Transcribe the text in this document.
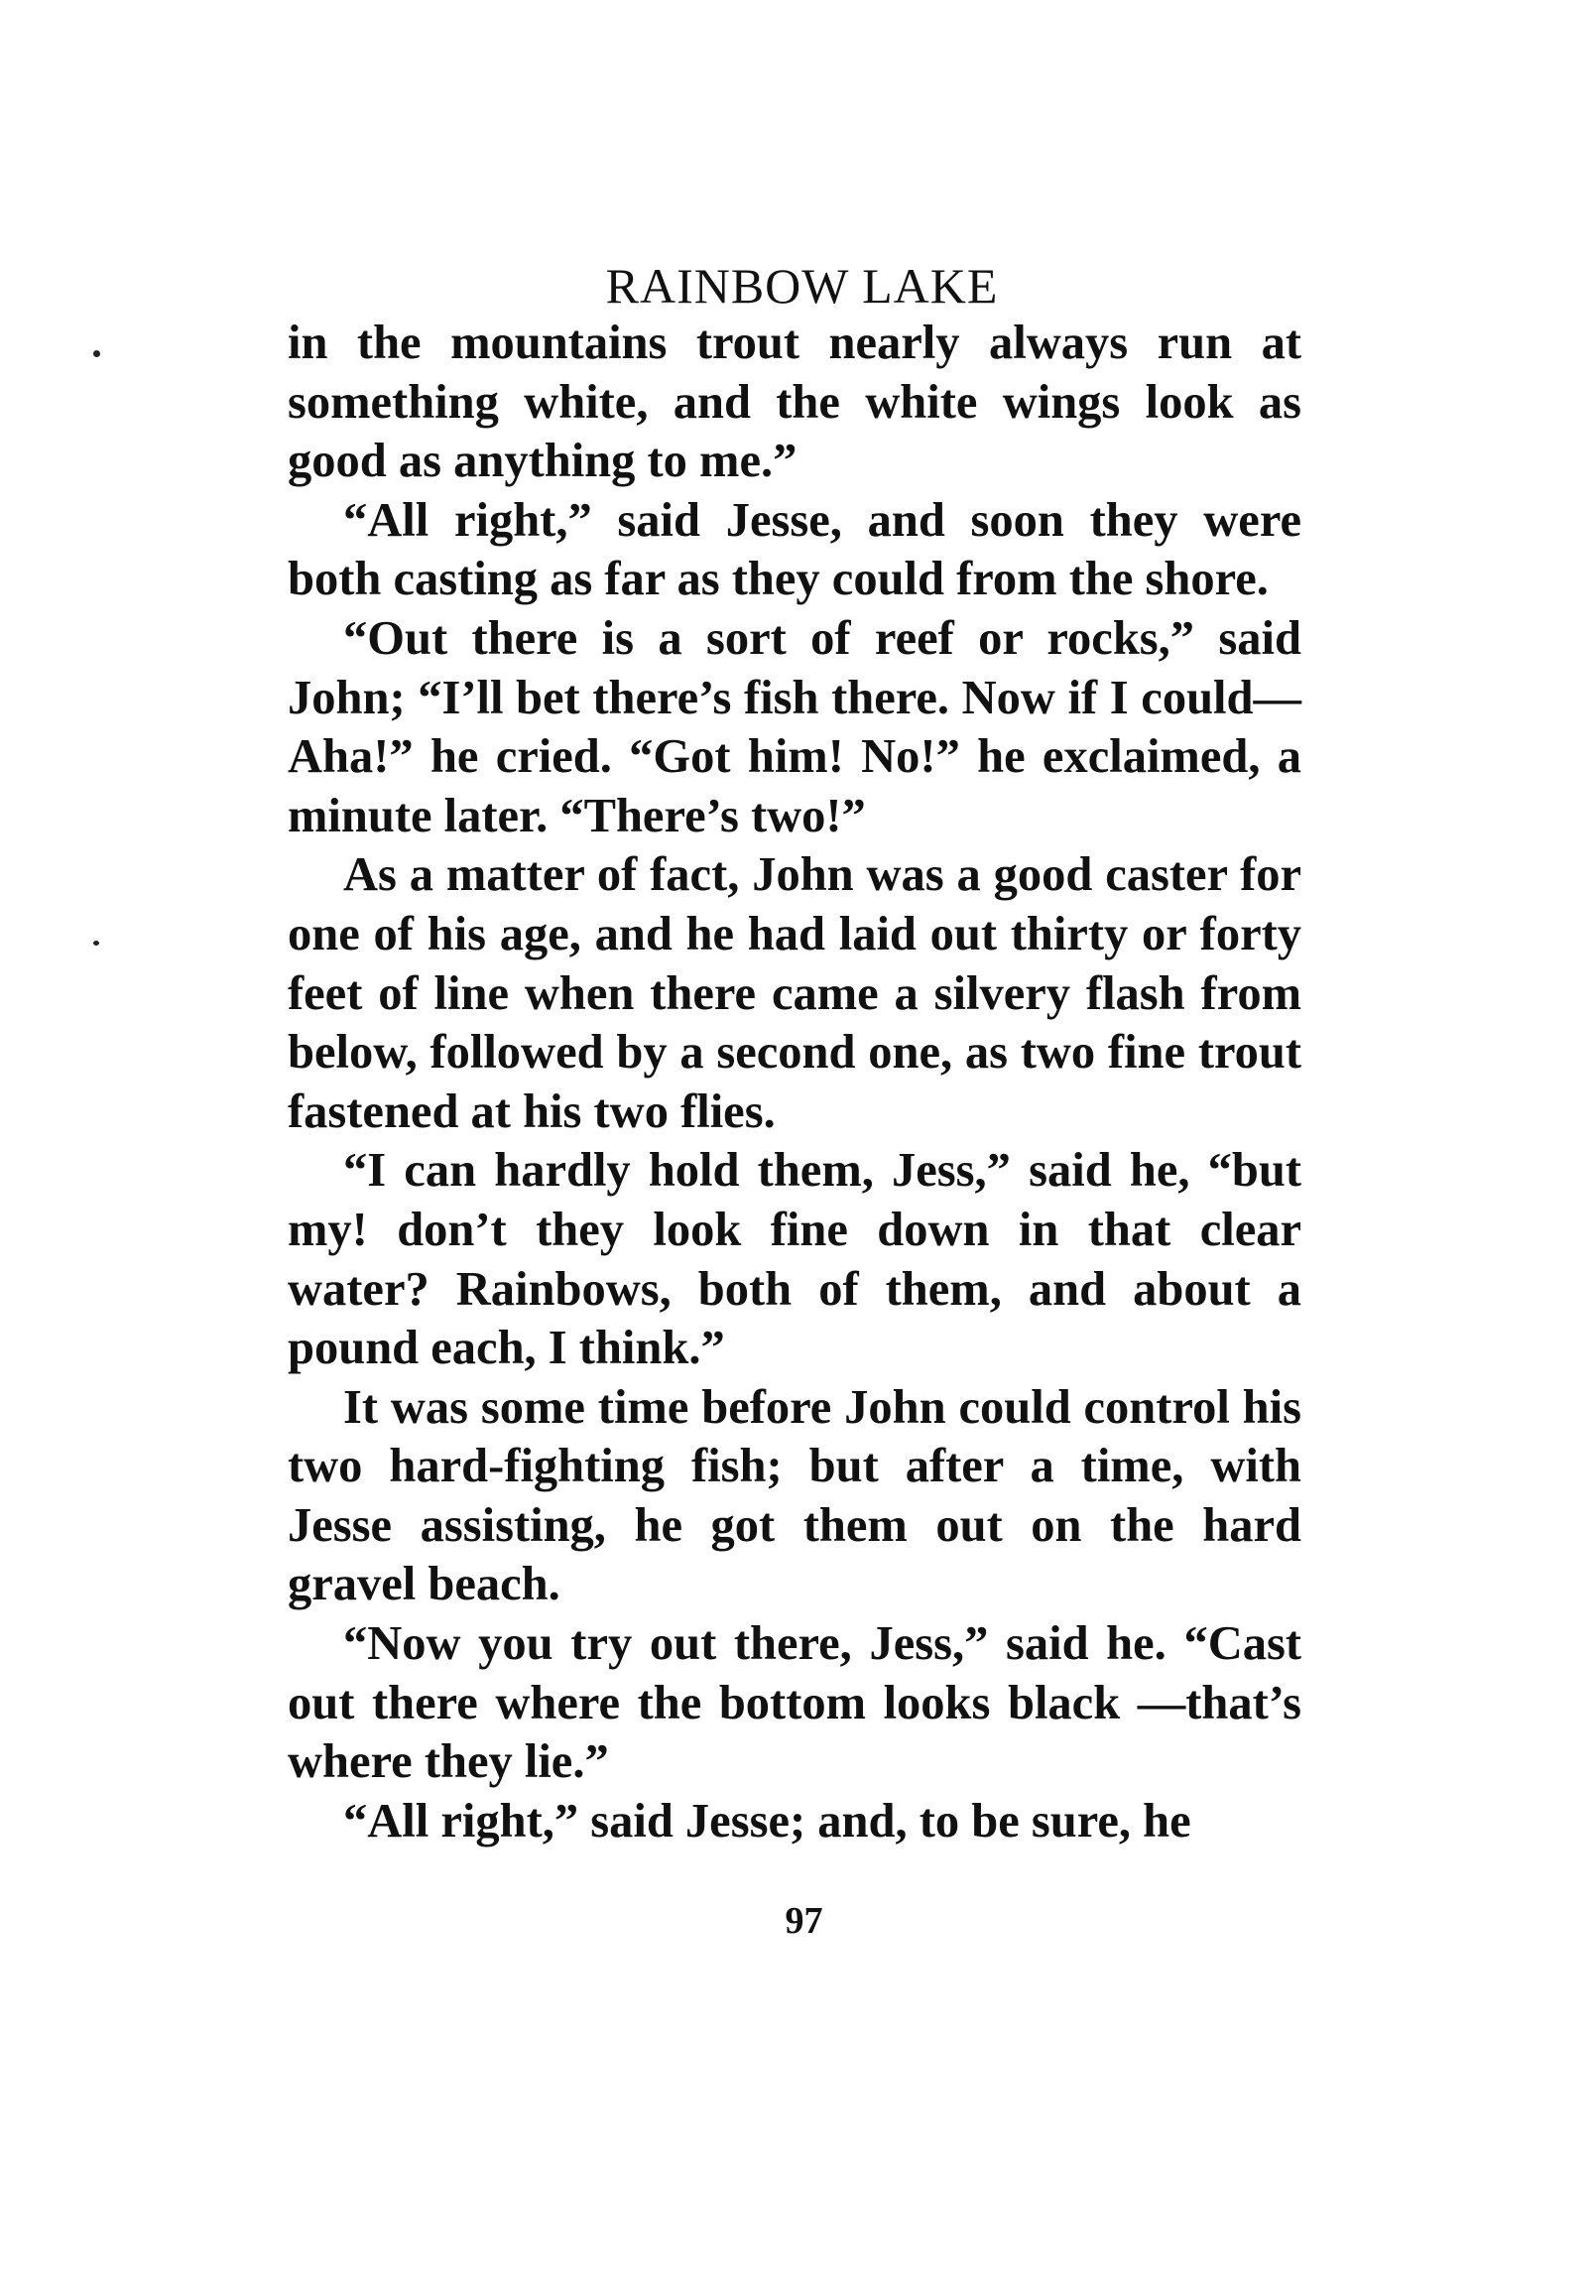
RAINBOW LAKE

in the mountains trout nearly always run at something white, and the white wings look as good as anything to me.”

“All right,” said Jesse, and soon they were both casting as far as they could from the shore.

“Out there is a sort of reef or rocks,” said John; “I’ll bet there’s fish there. Now if I could— Aha!” he cried. “Got him! No!” he exclaimed, a minute later. “There’s two!”

As a matter of fact, John was a good caster for one of his age, and he had laid out thirty or forty feet of line when there came a silvery flash from below, followed by a second one, as two fine trout fastened at his two flies.

“I can hardly hold them, Jess,” said he, “but my! don’t they look fine down in that clear water? Rainbows, both of them, and about a pound each, I think.”

It was some time before John could control his two hard-fighting fish; but after a time, with Jesse assisting, he got them out on the hard gravel beach.

“Now you try out there, Jess,” said he. “Cast out there where the bottom looks black —that’s where they lie.”

“All right,” said Jesse; and, to be sure, he

97
